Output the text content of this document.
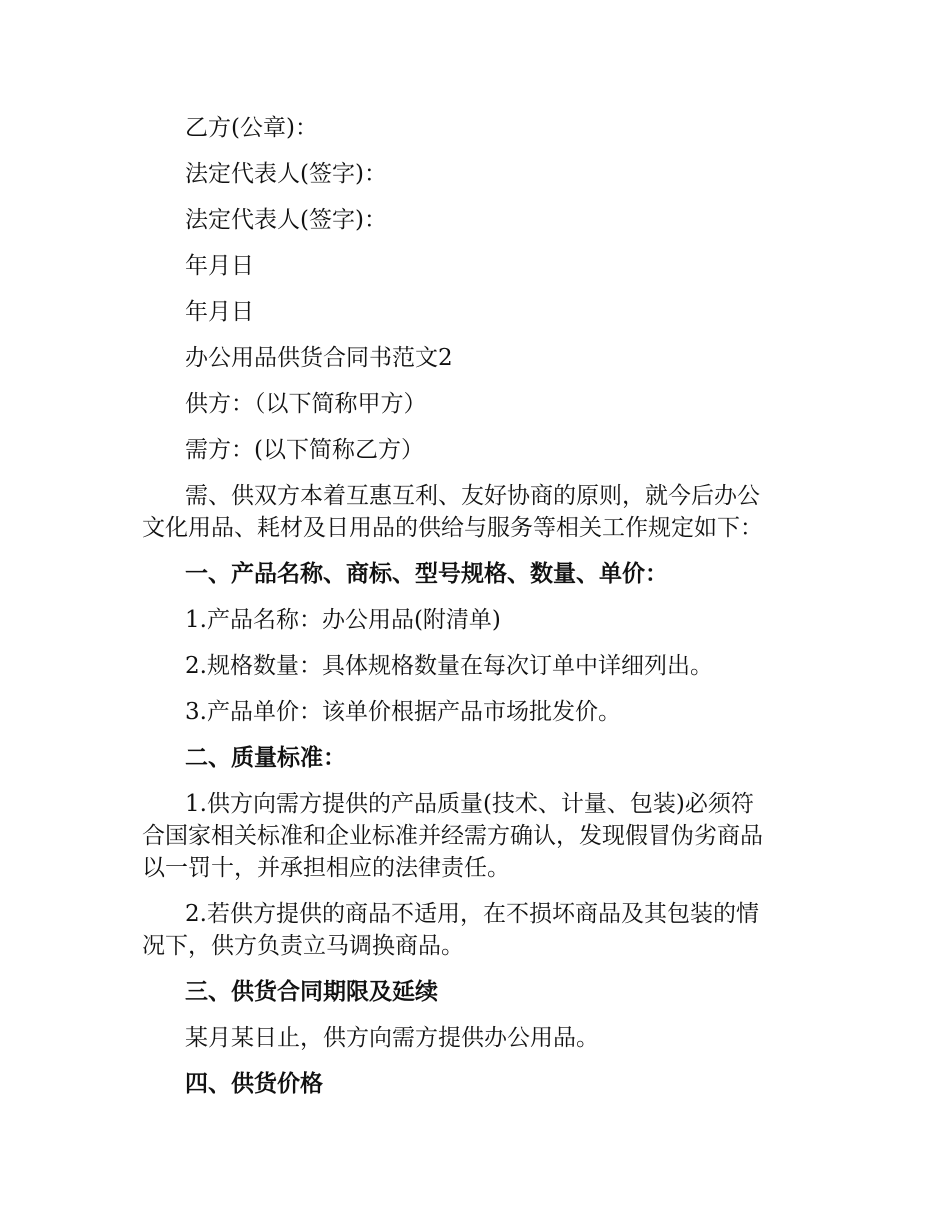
乙方(公章)：

法定代表人(签字)：

法定代表人(签字)：

年月日

年月日

办公用品供货合同书范文2

供方：（以下简称甲方）

需方：(以下简称乙方）

需、供双方本着互惠互利、友好协商的原则，就今后办公

文化用品、耗材及日用品的供给与服务等相关工作规定如下：

一、产品名称、商标、型号规格、数量、单价：

1.产品名称：办公用品(附清单)

2.规格数量：具体规格数量在每次订单中详细列出。

3.产品单价：该单价根据产品市场批发价。

二、质量标准：

1.供方向需方提供的产品质量(技术、计量、包装)必须符

合国家相关标准和企业标准并经需方确认，发现假冒伪劣商品

以一罚十，并承担相应的法律责任。

2.若供方提供的商品不适用，在不损坏商品及其包装的情

况下，供方负责立马调换商品。

三、供货合同期限及延续

某月某日止，供方向需方提供办公用品。

四、供货价格
